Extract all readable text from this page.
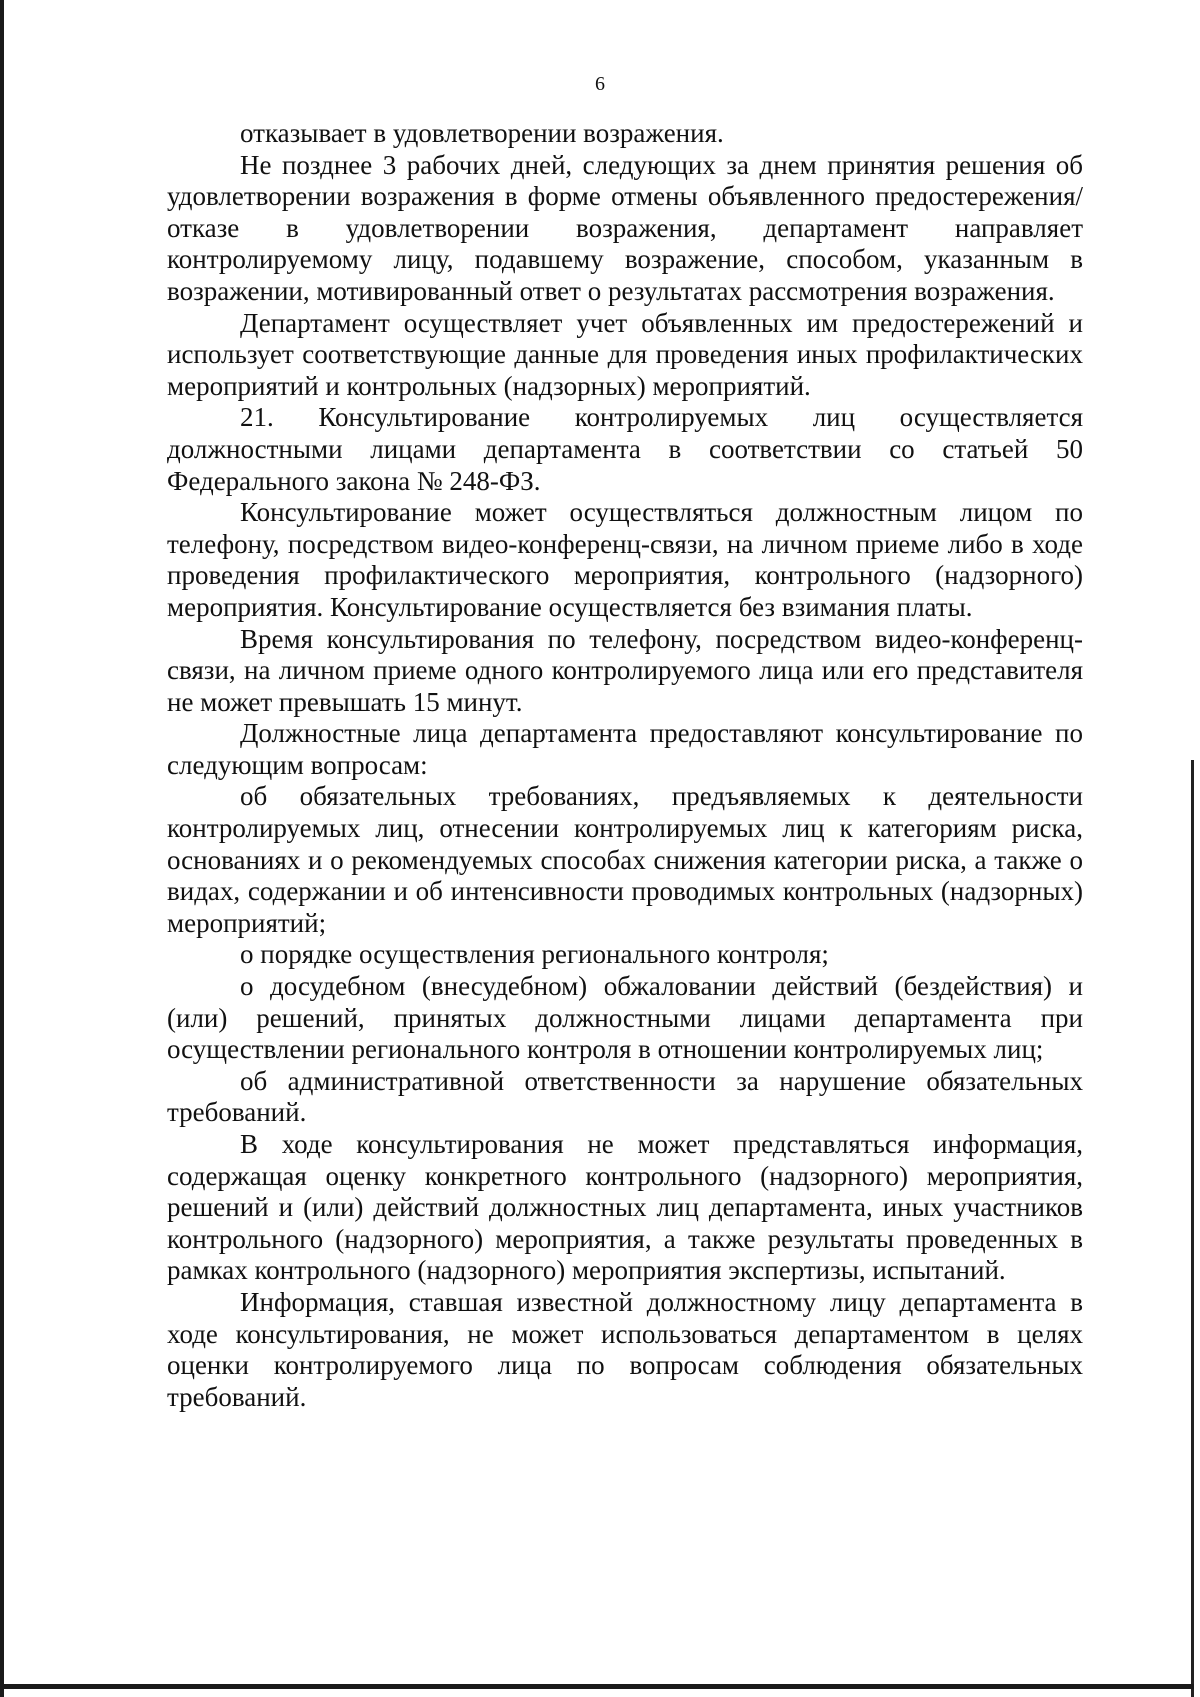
6

отказывает в удовлетворении возражения.

Не позднее 3 рабочих дней, следующих за днем принятия решения об удовлетворении возражения в форме отмены объявленного предостережения/ отказе в удовлетворении возражения, департамент направляет контролируемому лицу, подавшему возражение, способом, указанным в возражении, мотивированный ответ о результатах рассмотрения возражения.

Департамент осуществляет учет объявленных им предостережений и использует соответствующие данные для проведения иных профилактических мероприятий и контрольных (надзорных) мероприятий.

21. Консультирование контролируемых лиц осуществляется должностными лицами департамента в соответствии со статьей 50 Федерального закона № 248-ФЗ.

Консультирование может осуществляться должностным лицом по телефону, посредством видео-конференц-связи, на личном приеме либо в ходе проведения профилактического мероприятия, контрольного (надзорного) мероприятия. Консультирование осуществляется без взимания платы.

Время консультирования по телефону, посредством видео-конференц-связи, на личном приеме одного контролируемого лица или его представителя не может превышать 15 минут.

Должностные лица департамента предоставляют консультирование по следующим вопросам:

об обязательных требованиях, предъявляемых к деятельности контролируемых лиц, отнесении контролируемых лиц к категориям риска, основаниях и о рекомендуемых способах снижения категории риска, а также о видах, содержании и об интенсивности проводимых контрольных (надзорных) мероприятий;

о порядке осуществления регионального контроля;

о досудебном (внесудебном) обжаловании действий (бездействия) и (или) решений, принятых должностными лицами департамента при осуществлении регионального контроля в отношении контролируемых лиц;

об административной ответственности за нарушение обязательных требований.

В ходе консультирования не может представляться информация, содержащая оценку конкретного контрольного (надзорного) мероприятия, решений и (или) действий должностных лиц департамента, иных участников контрольного (надзорного) мероприятия, а также результаты проведенных в рамках контрольного (надзорного) мероприятия экспертизы, испытаний.

Информация, ставшая известной должностному лицу департамента в ходе консультирования, не может использоваться департаментом в целях оценки контролируемого лица по вопросам соблюдения обязательных требований.
